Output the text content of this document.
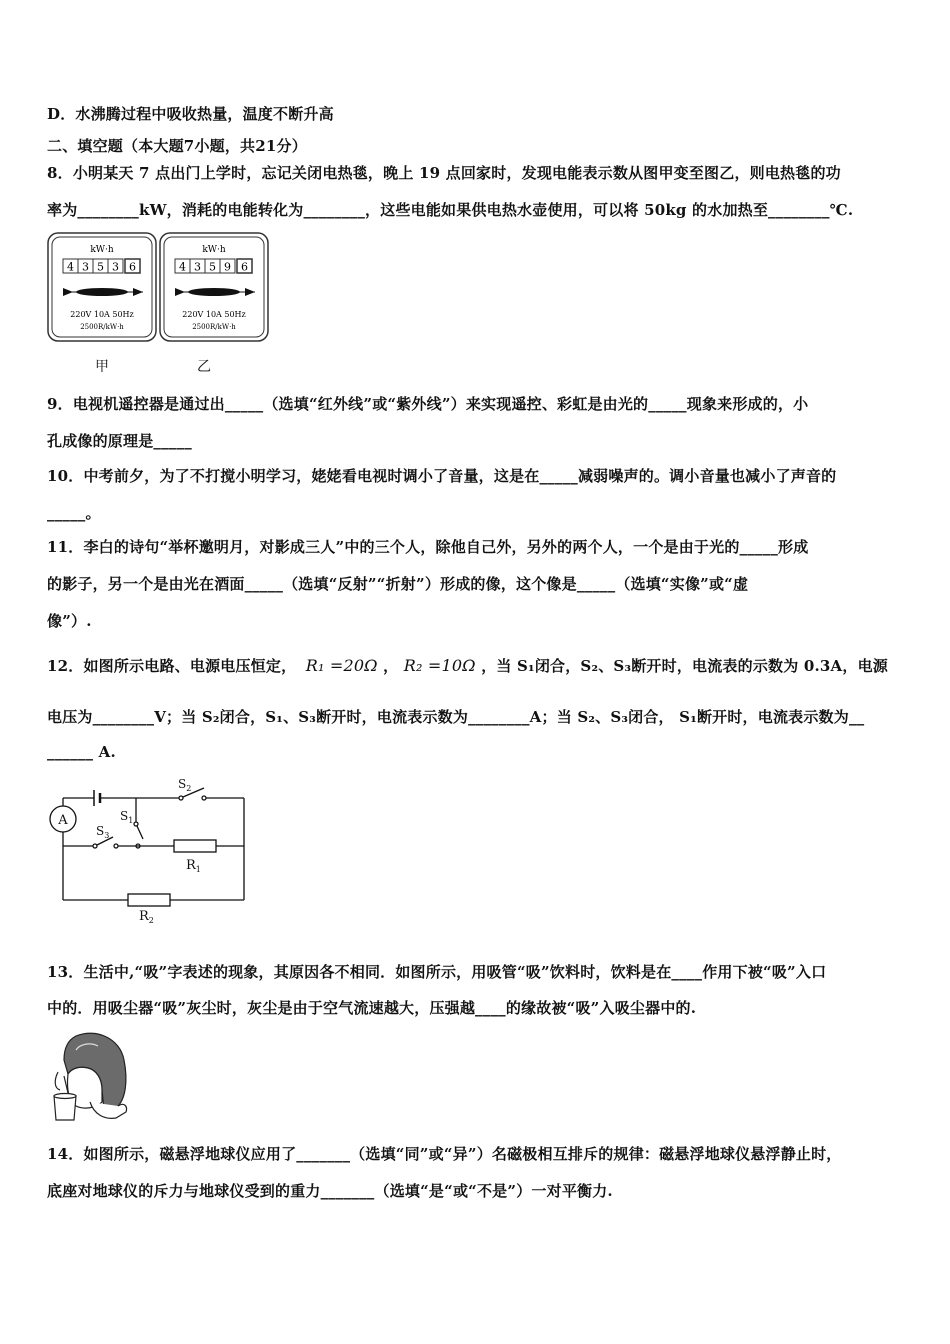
D．水沸腾过程中吸收热量，温度不断升高
二、填空题（本大题7小题，共21分）
8．小明某天 7 点出门上学时，忘记关闭电热毯，晚上 19 点回家时，发现电能表示数从图甲变至图乙，则电热毯的功
率为________kW，消耗的电能转化为________，这些电能如果供电热水壶使用，可以将 50kg 的水加热至________℃.
kW·h
4 3 5 3 6
220V 10A 50Hz
2500R/kW·h
kW·h
4 3 5 9 6
220V 10A 50Hz
2500R/kW·h
甲	乙
9．电视机遥控器是通过出_____（选填“红外线”或“紫外线”）来实现遥控、彩虹是由光的_____现象来形成的，小
孔成像的原理是_____
10．中考前夕，为了不打搅小明学习，姥姥看电视时调小了音量，这是在_____减弱噪声的。调小音量也减小了声音的
_____。
11．李白的诗句“举杯邀明月，对影成三人”中的三个人，除他自己外，另外的两个人，一个是由于光的_____形成
的影子，另一个是由光在酒面_____（选填“反射”“折射”）形成的像，这个像是_____（选填“实像”或“虚
像”）.
12．如图所示电路、电源电压恒定， R₁ =20Ω ， R₂ =10Ω ，当 S₁闭合，S₂、S₃断开时，电流表的示数为 0.3A，电源
电压为________V；当 S₂闭合，S₁、S₃断开时，电流表示数为________A；当 S₂、S₃闭合， S₁断开时，电流表示数为__
______ A.
A
$S_2$
$S_1$
$S_3$
$R_1$
$R_2$
13．生活中,“吸”字表述的现象，其原因各不相同．如图所示，用吸管“吸”饮料时，饮料是在____作用下被“吸”入口
中的．用吸尘器“吸”灰尘时，灰尘是由于空气流速越大，压强越____的缘故被“吸”入吸尘器中的.
14．如图所示，磁悬浮地球仪应用了_______（选填“同”或“异”）名磁极相互排斥的规律：磁悬浮地球仪悬浮静止时，
底座对地球仪的斥力与地球仪受到的重力_______（选填“是“或“不是”）一对平衡力.
